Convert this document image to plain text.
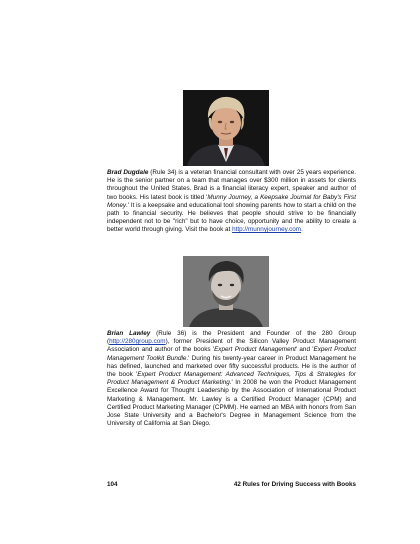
Brad Dugdale (Rule 34) is a veteran financial consultant with over 25 years experience. He is the senior partner on a team that manages over $300 million in assets for clients throughout the United States. Brad is a financial literacy expert, speaker and author of two books. His latest book is titled 'Munny Journey, a Keepsake Journal for Baby's First Money.' It is a keepsake and educational tool showing parents how to start a child on the path to financial security. He believes that people should strive to be financially independent not to be "rich" but to have choice, opportunity and the ability to create a better world through giving. Visit the book at http://munnyjourney.com.

Brian Lawley (Rule 36) is the President and Founder of the 280 Group (http://280group.com), former President of the Silicon Valley Product Management Association and author of the books 'Expert Product Management' and 'Expert Product Management Toolkit Bundle.' During his twenty-year career in Product Management he has defined, launched and marketed over fifty successful products. He is the author of the book 'Expert Product Management: Advanced Techniques, Tips & Strategies for Product Management & Product Marketing.' In 2008 he won the Product Management Excellence Award for Thought Leadership by the Association of International Product Marketing & Management. Mr. Lawley is a Certified Product Manager (CPM) and Certified Product Marketing Manager (CPMM). He earned an MBA with honors from San Jose State University and a Bachelor's Degree in Management Science from the University of California at San Diego.

104	42 Rules for Driving Success with Books
